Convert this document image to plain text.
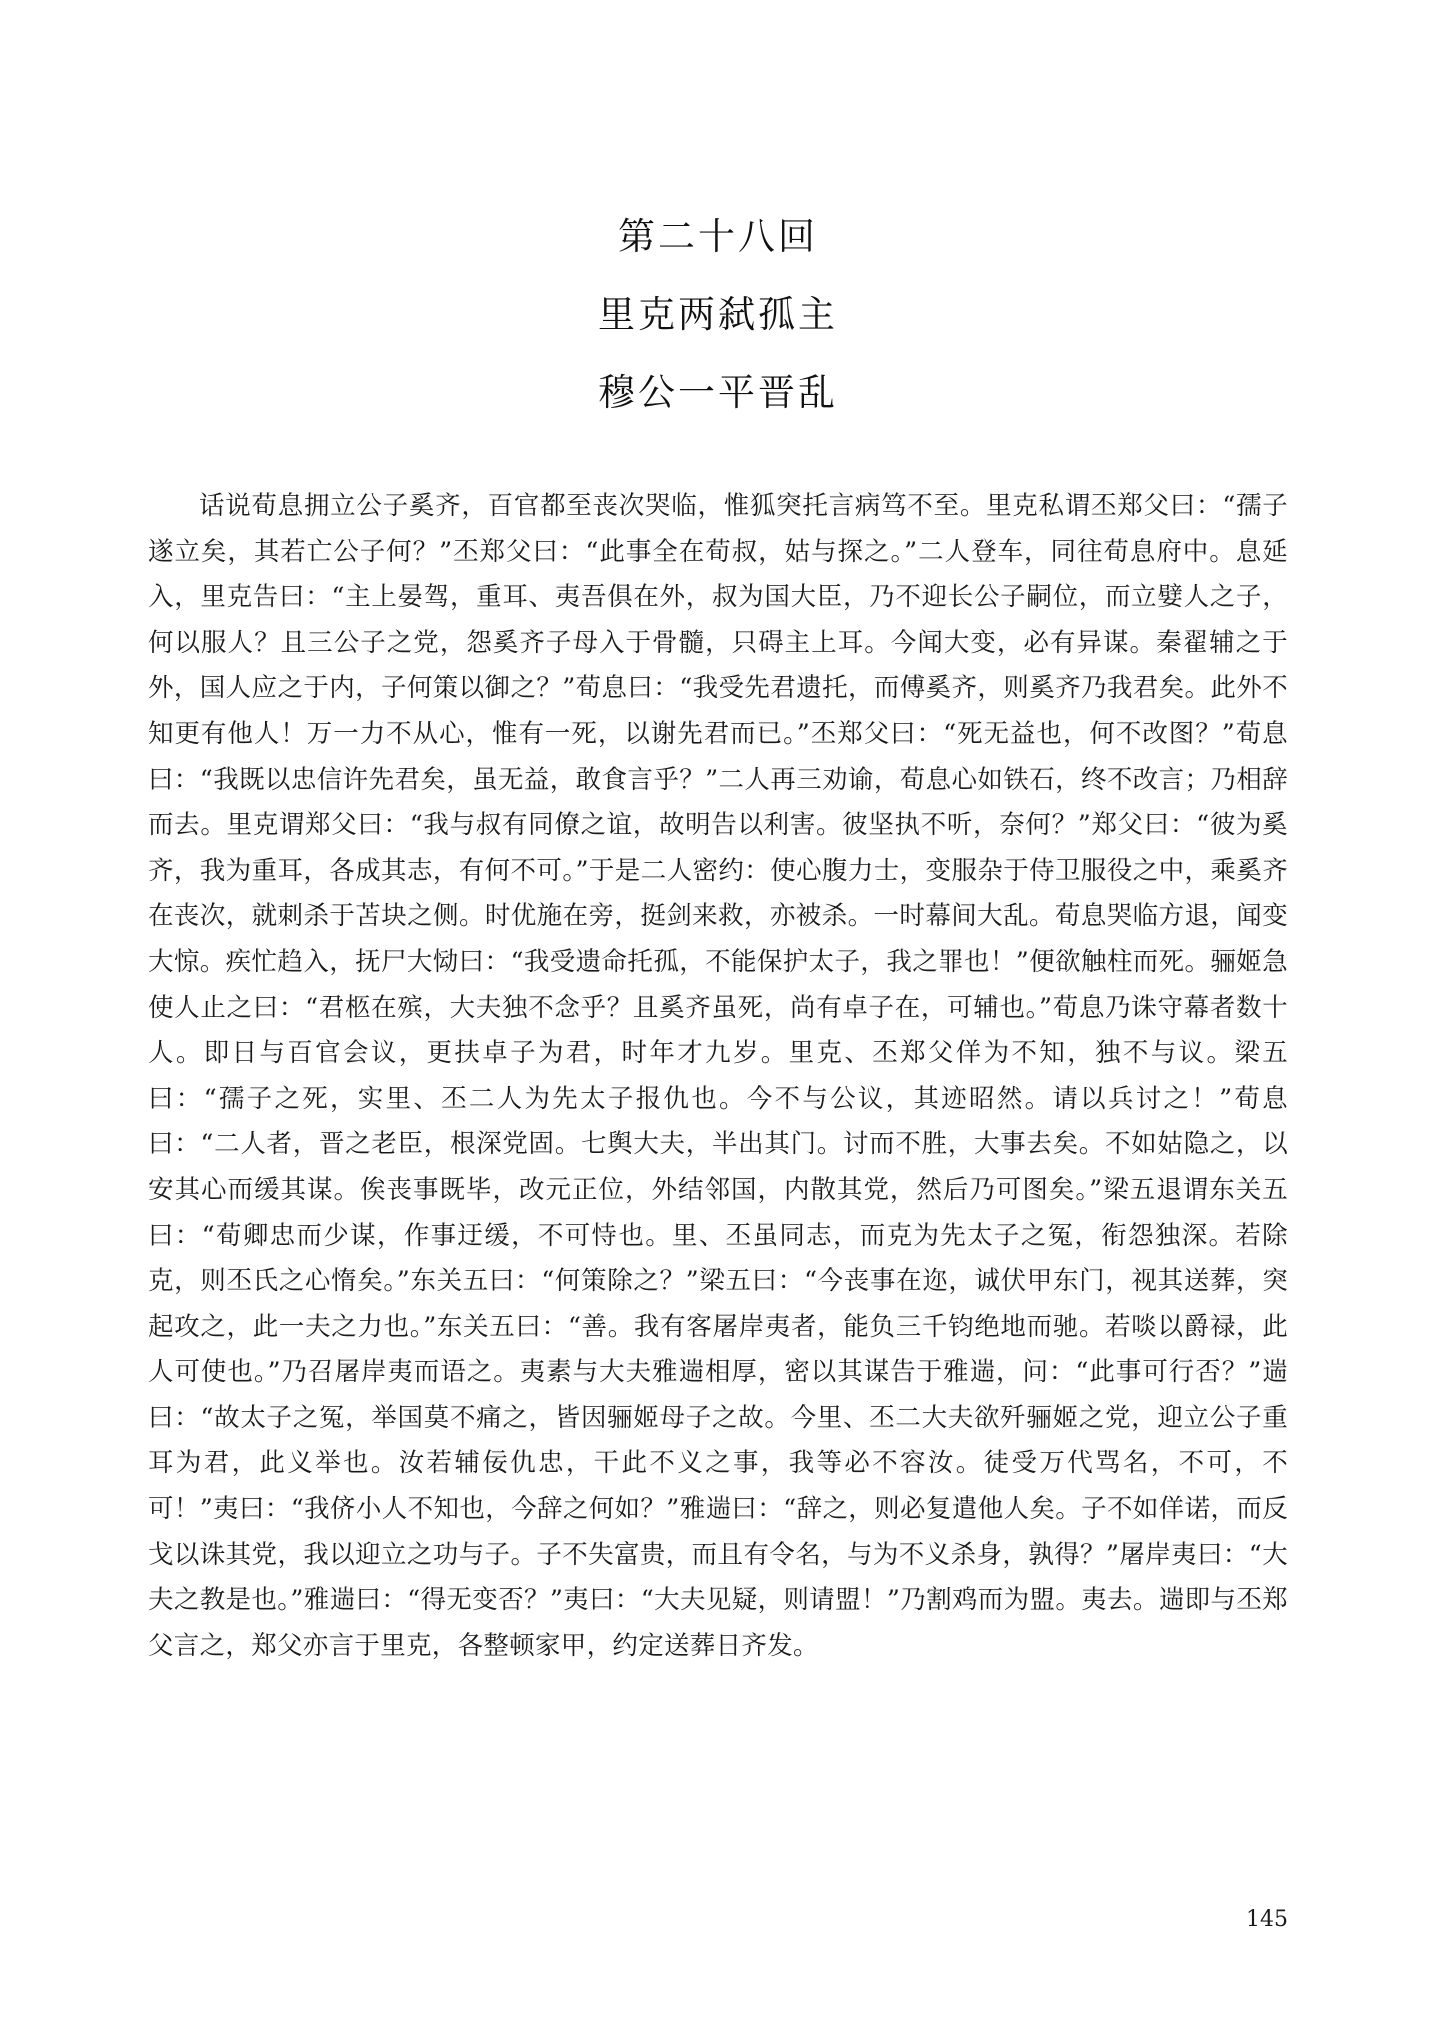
第二十八回
里克两弑孤主
穆公一平晋乱
话说荀息拥立公子奚齐，百官都至丧次哭临，惟狐突托言病笃不至。里克私谓丕郑父曰：“孺子遂立矣，其若亡公子何？”丕郑父曰：“此事全在荀叔，姑与探之。”二人登车，同往荀息府中。息延入，里克告曰：“主上晏驾，重耳、夷吾俱在外，叔为国大臣，乃不迎长公子嗣位，而立嬖人之子，何以服人？且三公子之党，怨奚齐子母入于骨髓，只碍主上耳。今闻大变，必有异谋。秦翟辅之于外，国人应之于内，子何策以御之？”荀息曰：“我受先君遗托，而傅奚齐，则奚齐乃我君矣。此外不知更有他人！万一力不从心，惟有一死，以谢先君而已。”丕郑父曰：“死无益也，何不改图？”荀息曰：“我既以忠信许先君矣，虽无益，敢食言乎？”二人再三劝谕，荀息心如铁石，终不改言；乃相辞而去。里克谓郑父曰：“我与叔有同僚之谊，故明告以利害。彼坚执不听，奈何？”郑父曰：“彼为奚齐，我为重耳，各成其志，有何不可。”于是二人密约：使心腹力士，变服杂于侍卫服役之中，乘奚齐在丧次，就刺杀于苫块之侧。时优施在旁，挺剑来救，亦被杀。一时幕间大乱。荀息哭临方退，闻变大惊。疾忙趋入，抚尸大恸曰：“我受遗命托孤，不能保护太子，我之罪也！”便欲触柱而死。骊姬急使人止之曰：“君柩在殡，大夫独不念乎？且奚齐虽死，尚有卓子在，可辅也。”荀息乃诛守幕者数十人。即日与百官会议，更扶卓子为君，时年才九岁。里克、丕郑父佯为不知，独不与议。梁五曰：“孺子之死，实里、丕二人为先太子报仇也。今不与公议，其迹昭然。请以兵讨之！”荀息曰：“二人者，晋之老臣，根深党固。七舆大夫，半出其门。讨而不胜，大事去矣。不如姑隐之，以安其心而缓其谋。俟丧事既毕，改元正位，外结邻国，内散其党，然后乃可图矣。”梁五退谓东关五曰：“荀卿忠而少谋，作事迂缓，不可恃也。里、丕虽同志，而克为先太子之冤，衔怨独深。若除克，则丕氏之心惰矣。”东关五曰：“何策除之？”梁五曰：“今丧事在迩，诚伏甲东门，视其送葬，突起攻之，此一夫之力也。”东关五曰：“善。我有客屠岸夷者，能负三千钧绝地而驰。若啖以爵禄，此人可使也。”乃召屠岸夷而语之。夷素与大夫雅遄相厚，密以其谋告于雅遄，问：“此事可行否？”遄曰：“故太子之冤，举国莫不痛之，皆因骊姬母子之故。今里、丕二大夫欲歼骊姬之党，迎立公子重耳为君，此义举也。汝若辅佞仇忠，干此不义之事，我等必不容汝。徒受万代骂名，不可，不可！”夷曰：“我侪小人不知也，今辞之何如？”雅遄曰：“辞之，则必复遣他人矣。子不如佯诺，而反戈以诛其党，我以迎立之功与子。子不失富贵，而且有令名，与为不义杀身，孰得？”屠岸夷曰：“大夫之教是也。”雅遄曰：“得无变否？”夷曰：“大夫见疑，则请盟！”乃割鸡而为盟。夷去。遄即与丕郑父言之，郑父亦言于里克，各整顿家甲，约定送葬日齐发。
145
